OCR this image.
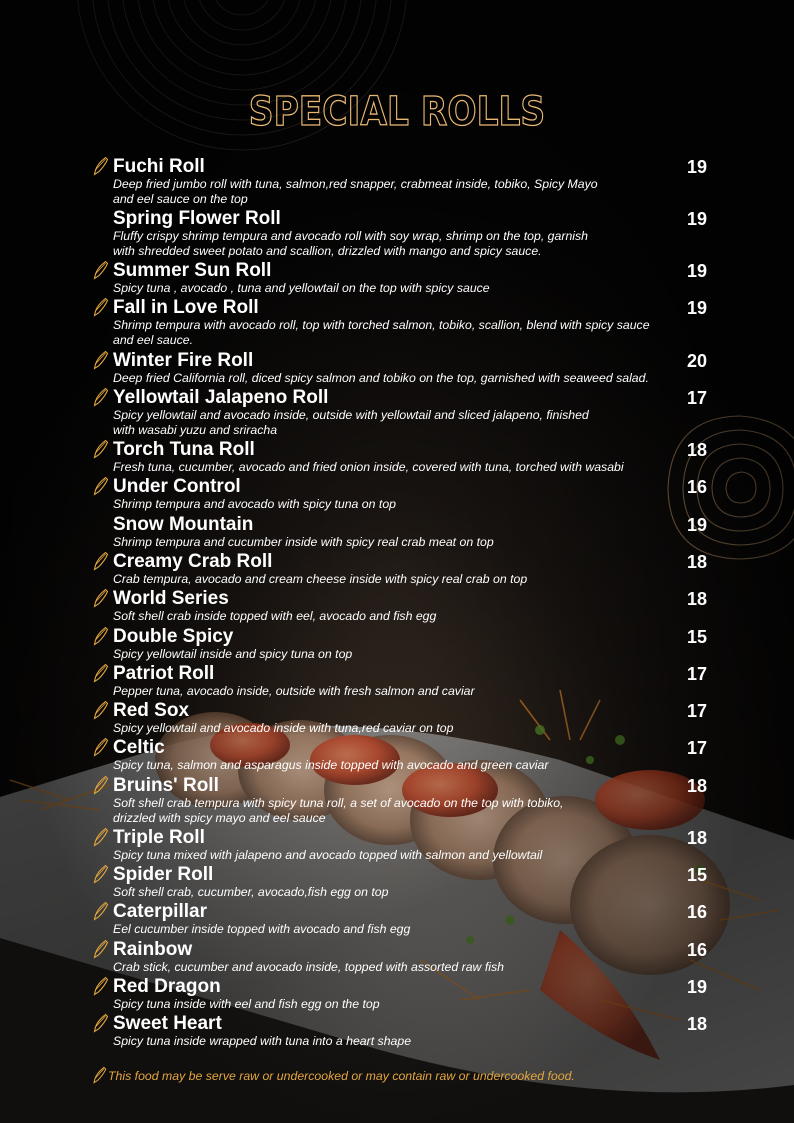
SPECIAL ROLLS
Fuchi Roll	19

Deep fried jumbo roll with tuna, salmon,red snapper, crabmeat inside, tobiko, Spicy Mayo
and eel sauce on the top

Spring Flower Roll	19

Fluffy crispy shrimp tempura and avocado roll with soy wrap, shrimp on the top, garnish
with shredded sweet potato and scallion, drizzled with mango and spicy sauce.

Summer Sun Roll	19

Spicy tuna , avocado , tuna and yellowtail on the top with spicy sauce

Fall in Love Roll	19

Shrimp tempura with avocado roll, top with torched salmon, tobiko, scallion, blend with spicy sauce
and eel sauce.

Winter Fire Roll	20

Deep fried California roll, diced spicy salmon and tobiko on the top, garnished with seaweed salad.

Yellowtail Jalapeno Roll	17

Spicy yellowtail and avocado inside, outside with yellowtail and sliced jalapeno, finished
with wasabi yuzu and sriracha

Torch Tuna Roll	18

Fresh tuna, cucumber, avocado and fried onion inside, covered with tuna, torched with wasabi

Under Control	16

Shrimp tempura and avocado with spicy tuna on top

Snow Mountain	19

Shrimp tempura and cucumber inside with spicy real crab meat on top

Creamy Crab Roll	18

Crab tempura, avocado and cream cheese inside with spicy real crab on top

World Series	18

Soft shell crab inside topped with eel, avocado and fish egg

Double Spicy	15

Spicy yellowtail inside and spicy tuna on top

Patriot Roll	17

Pepper tuna, avocado inside, outside with fresh salmon and caviar

Red Sox	17

Spicy yellowtail and avocado inside with tuna,red caviar on top

Celtic	17

Spicy tuna, salmon and asparagus inside topped with avocado and green caviar

Bruins' Roll	18

Soft shell crab tempura with spicy tuna roll, a set of avocado on the top with tobiko,
drizzled with spicy mayo and eel sauce

Triple Roll	18

Spicy tuna mixed with jalapeno and avocado topped with salmon and yellowtail

Spider Roll	15

Soft shell crab, cucumber, avocado,fish egg on top

Caterpillar	16

Eel cucumber inside topped with avocado and fish egg

Rainbow	16

Crab stick, cucumber and avocado inside, topped with assorted raw fish

Red Dragon	19

Spicy tuna inside with eel and fish egg on the top

Sweet Heart	18

Spicy tuna inside wrapped with tuna into a heart shape

This food may be serve raw or undercooked or may contain raw or undercooked food.
